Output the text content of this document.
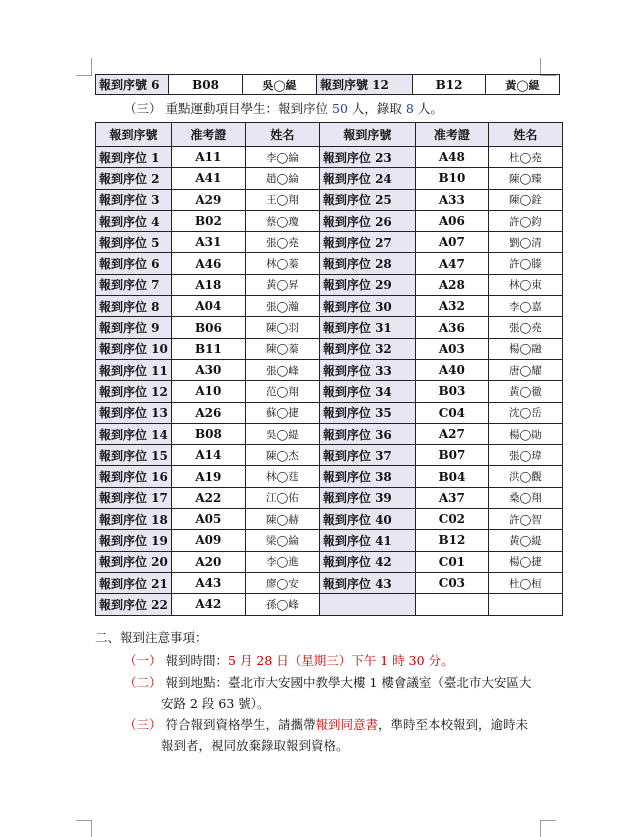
報到序號 6	B08	吳◯緹	報到序號 12	B12	黃◯緹
（三） 重點運動項目學生：報到序位 50 人，錄取 8 人。
報到序號	准考證	姓名	報到序號	准考證	姓名
報到序位 1	A11	李◯綸	報到序位 23	A48	杜◯堯
報到序位 2	A41	趙◯綸	報到序位 24	B10	陳◯臻
報到序位 3	A29	王◯翔	報到序位 25	A33	陳◯銓
報到序位 4	B02	蔡◯瓊	報到序位 26	A06	許◯鈞
報到序位 5	A31	張◯堯	報到序位 27	A07	劉◯清
報到序位 6	A46	林◯蓁	報到序位 28	A47	許◯滕
報到序位 7	A18	黃◯昇	報到序位 29	A28	林◯東
報到序位 8	A04	張◯瀚	報到序位 30	A32	李◯嘉
報到序位 9	B06	陳◯羽	報到序位 31	A36	張◯堯
報到序位 10	B11	陳◯蓁	報到序位 32	A03	楊◯融
報到序位 11	A30	張◯峰	報到序位 33	A40	唐◯耀
報到序位 12	A10	范◯翔	報到序位 34	B03	黃◯徹
報到序位 13	A26	蘇◯捷	報到序位 35	C04	沈◯岳
報到序位 14	B08	吳◯緹	報到序位 36	A27	楊◯勛
報到序位 15	A14	陳◯杰	報到序位 37	B07	張◯瑋
報到序位 16	A19	林◯莛	報到序位 38	B04	洪◯觀
報到序位 17	A22	江◯佑	報到序位 39	A37	桑◯翔
報到序位 18	A05	陳◯赫	報到序位 40	C02	許◯智
報到序位 19	A09	梁◯綸	報到序位 41	B12	黃◯緹
報到序位 20	A20	李◯進	報到序位 42	C01	楊◯捷
報到序位 21	A43	廖◯安	報到序位 43	C03	杜◯桓
報到序位 22	A42	孫◯峰			
二、報到注意事項：
（一） 報到時間：5 月 28 日（星期三）下午 1 時 30 分。
（二） 報到地點：臺北市大安國中教學大樓 1 樓會議室（臺北市大安區大
安路 2 段 63 號）。
（三） 符合報到資格學生，請攜帶報到同意書，準時至本校報到，逾時未
報到者，視同放棄錄取報到資格。
